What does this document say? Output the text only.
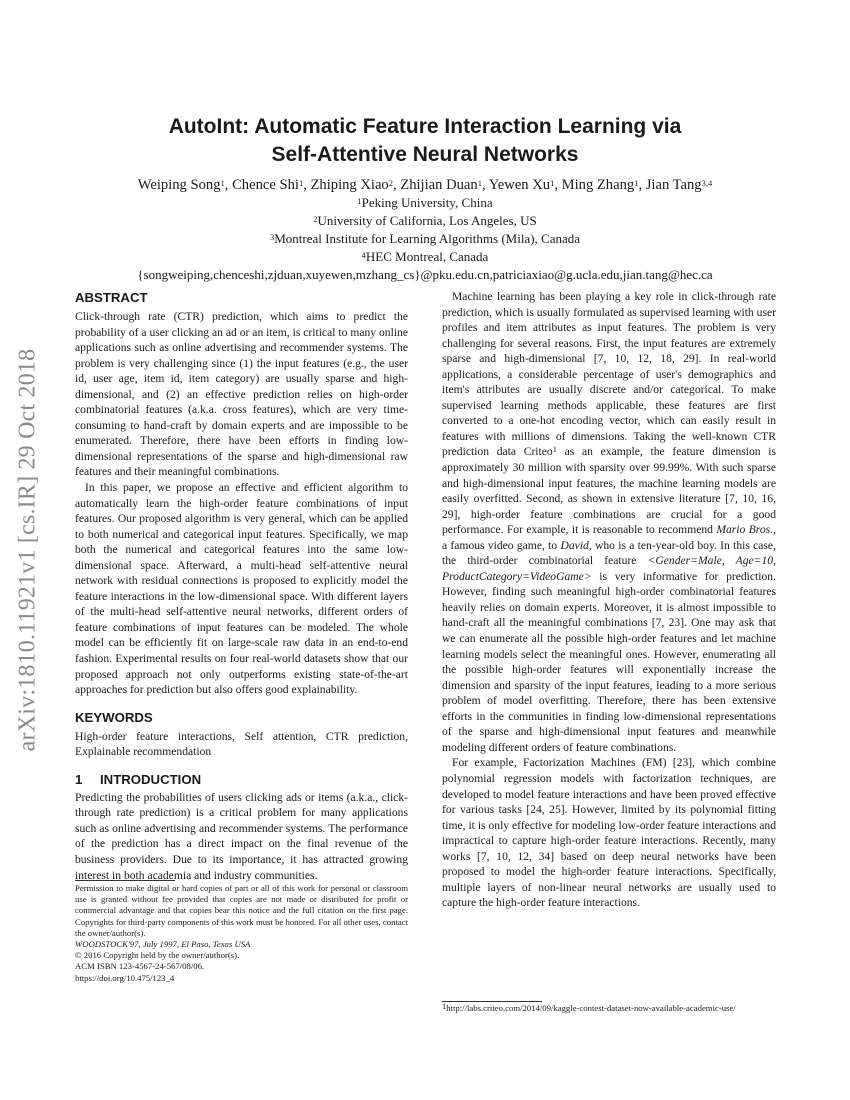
arXiv:1810.11921v1 [cs.IR] 29 Oct 2018
AutoInt: Automatic Feature Interaction Learning via
Self-Attentive Neural Networks
Weiping Song$^1$, Chence Shi$^1$, Zhiping Xiao$^2$, Zhijian Duan$^1$, Yewen Xu$^1$, Ming Zhang$^1$, Jian Tang$^{3,4}$
$^1$Peking University, China
$^2$University of California, Los Angeles, US
$^3$Montreal Institute for Learning Algorithms (Mila), Canada
$^4$HEC Montreal, Canada
{songweiping,chenceshi,zjduan,xuyewen,mzhang_cs}@pku.edu.cn,patriciaxiao@g.ucla.edu,jian.tang@hec.ca
ABSTRACT

Click-through rate (CTR) prediction, which aims to predict the probability of a user clicking an ad or an item, is critical to many online applications such as online advertising and recommender systems. The problem is very challenging since (1) the input features (e.g., the user id, user age, item id, item category) are usually sparse and high-dimensional, and (2) an effective prediction relies on high-order combinatorial features (a.k.a. cross features), which are very time-consuming to hand-craft by domain experts and are impossible to be enumerated. Therefore, there have been efforts in finding low-dimensional representations of the sparse and high-dimensional raw features and their meaningful combinations.

In this paper, we propose an effective and efficient algorithm to automatically learn the high-order feature combinations of input features. Our proposed algorithm is very general, which can be applied to both numerical and categorical input features. Specifically, we map both the numerical and categorical features into the same low-dimensional space. Afterward, a multi-head self-attentive neural network with residual connections is proposed to explicitly model the feature interactions in the low-dimensional space. With different layers of the multi-head self-attentive neural networks, different orders of feature combinations of input features can be modeled. The whole model can be efficiently fit on large-scale raw data in an end-to-end fashion. Experimental results on four real-world datasets show that our proposed approach not only outperforms existing state-of-the-art approaches for prediction but also offers good explainability.

KEYWORDS

High-order feature interactions, Self attention, CTR prediction, Explainable recommendation

1 INTRODUCTION

Predicting the probabilities of users clicking ads or items (a.k.a., click-through rate prediction) is a critical problem for many applications such as online advertising and recommender systems. The performance of the prediction has a direct impact on the final revenue of the business providers. Due to its importance, it has attracted growing interest in both academia and industry communities.

Permission to make digital or hard copies of part or all of this work for personal or classroom use is granted without fee provided that copies are not made or distributed for profit or commercial advantage and that copies bear this notice and the full citation on the first page. Copyrights for third-party components of this work must be honored. For all other uses, contact the owner/author(s).
WOODSTOCK'97, July 1997, El Paso, Texas USA
© 2016 Copyright held by the owner/author(s).
ACM ISBN 123-4567-24-567/08/06.
https://doi.org/10.475/123_4

Machine learning has been playing a key role in click-through rate prediction, which is usually formulated as supervised learning with user profiles and item attributes as input features. The problem is very challenging for several reasons. First, the input features are extremely sparse and high-dimensional [7, 10, 12, 18, 29]. In real-world applications, a considerable percentage of user's demographics and item's attributes are usually discrete and/or categorical. To make supervised learning methods applicable, these features are first converted to a one-hot encoding vector, which can easily result in features with millions of dimensions. Taking the well-known CTR prediction data Criteo$^1$ as an example, the feature dimension is approximately 30 million with sparsity over 99.99%. With such sparse and high-dimensional input features, the machine learning models are easily overfitted. Second, as shown in extensive literature [7, 10, 16, 29], high-order feature combinations are crucial for a good performance. For example, it is reasonable to recommend Mario Bros., a famous video game, to David, who is a ten-year-old boy. In this case, the third-order combinatorial feature <Gender=Male, Age=10, ProductCategory=VideoGame> is very informative for prediction. However, finding such meaningful high-order combinatorial features heavily relies on domain experts. Moreover, it is almost impossible to hand-craft all the meaningful combinations [7, 23]. One may ask that we can enumerate all the possible high-order features and let machine learning models select the meaningful ones. However, enumerating all the possible high-order features will exponentially increase the dimension and sparsity of the input features, leading to a more serious problem of model overfitting. Therefore, there has been extensive efforts in the communities in finding low-dimensional representations of the sparse and high-dimensional input features and meanwhile modeling different orders of feature combinations.

For example, Factorization Machines (FM) [23], which combine polynomial regression models with factorization techniques, are developed to model feature interactions and have been proved effective for various tasks [24, 25]. However, limited by its polynomial fitting time, it is only effective for modeling low-order feature interactions and impractical to capture high-order feature interactions. Recently, many works [7, 10, 12, 34] based on deep neural networks have been proposed to model the high-order feature interactions. Specifically, multiple layers of non-linear neural networks are usually used to capture the high-order feature interactions.

$^1$http://labs.criteo.com/2014/09/kaggle-contest-dataset-now-available-academic-use/
